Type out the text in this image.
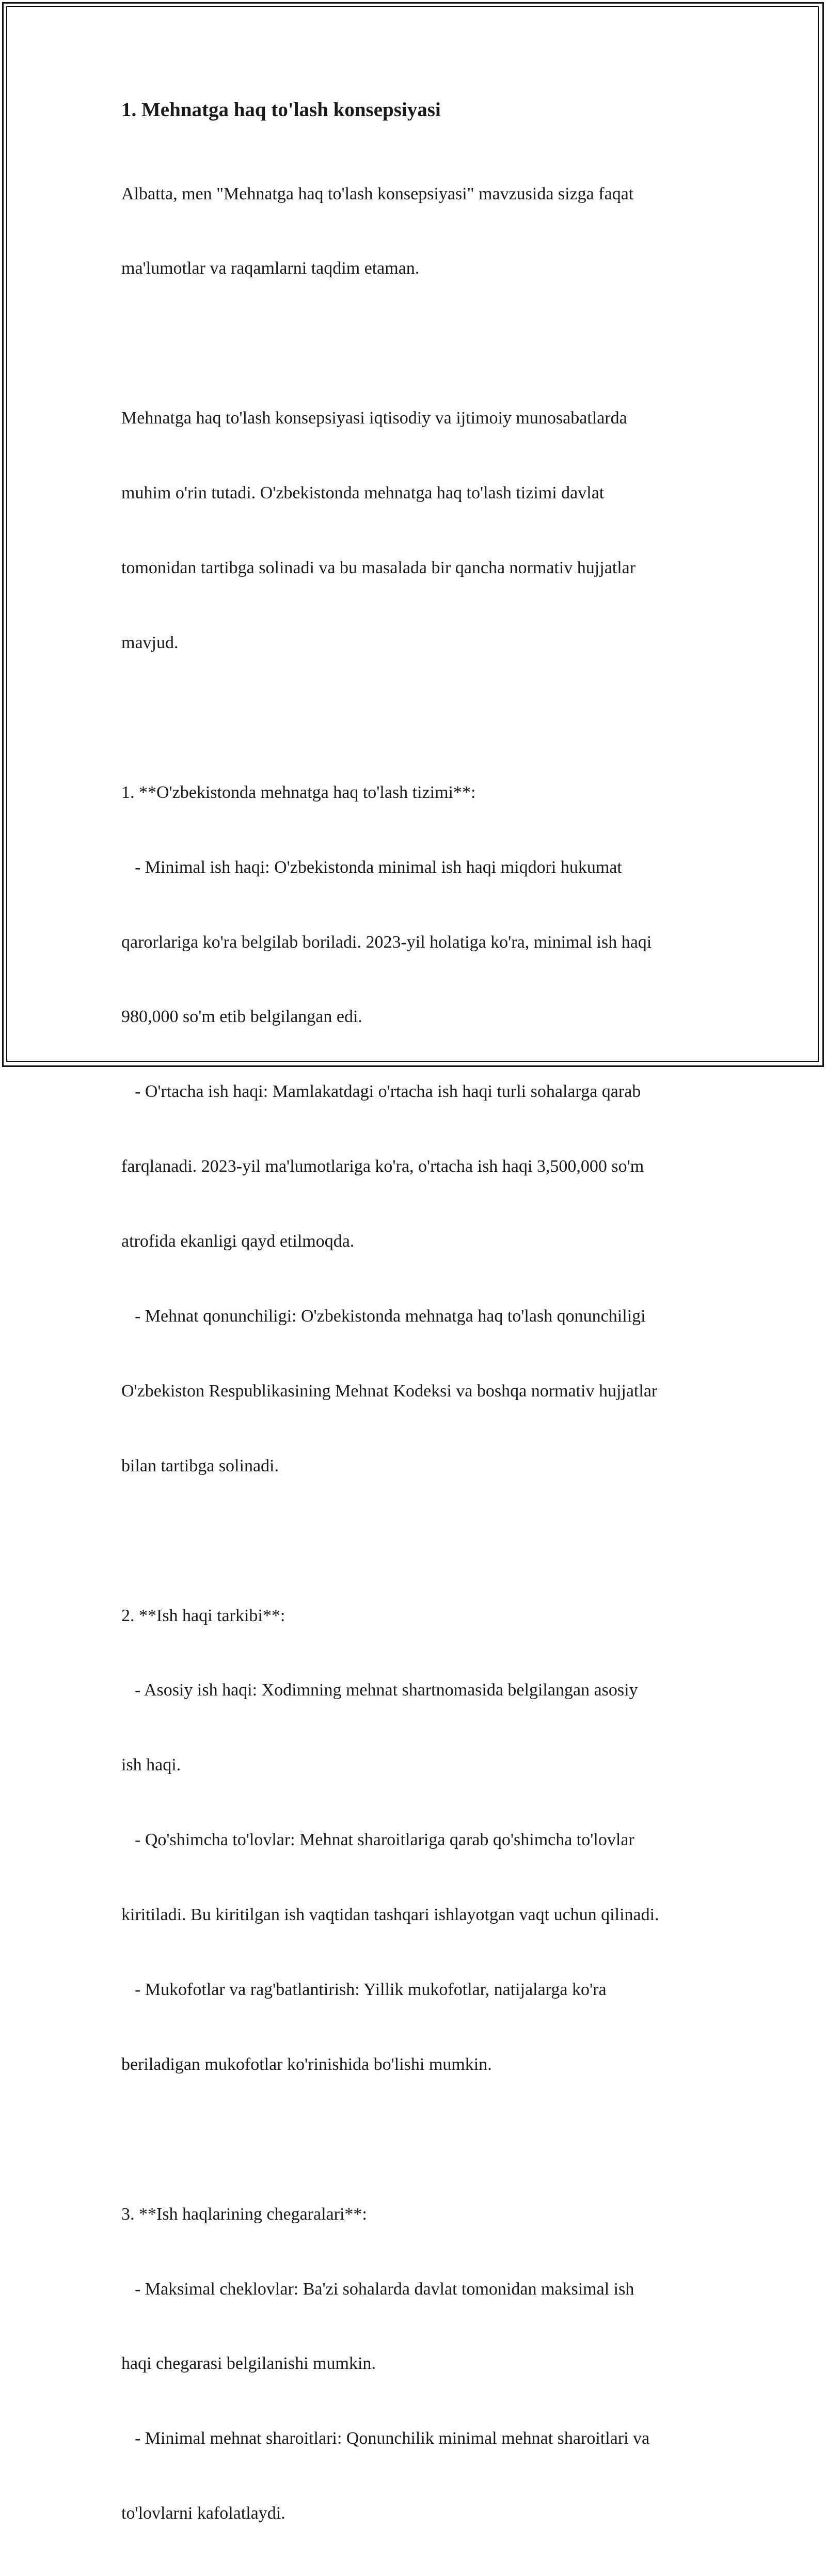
1. Mehnatga haq to'lash konsepsiyasi

Albatta, men "Mehnatga haq to'lash konsepsiyasi" mavzusida sizga faqat

ma'lumotlar va raqamlarni taqdim etaman.

Mehnatga haq to'lash konsepsiyasi iqtisodiy va ijtimoiy munosabatlarda

muhim o'rin tutadi. O'zbekistonda mehnatga haq to'lash tizimi davlat

tomonidan tartibga solinadi va bu masalada bir qancha normativ hujjatlar

mavjud.

1. **O'zbekistonda mehnatga haq to'lash tizimi**:

- Minimal ish haqi: O'zbekistonda minimal ish haqi miqdori hukumat

qarorlariga ko'ra belgilab boriladi. 2023-yil holatiga ko'ra, minimal ish haqi

980,000 so'm etib belgilangan edi.

- O'rtacha ish haqi: Mamlakatdagi o'rtacha ish haqi turli sohalarga qarab

farqlanadi. 2023-yil ma'lumotlariga ko'ra, o'rtacha ish haqi 3,500,000 so'm

atrofida ekanligi qayd etilmoqda.

- Mehnat qonunchiligi: O'zbekistonda mehnatga haq to'lash qonunchiligi

O'zbekiston Respublikasining Mehnat Kodeksi va boshqa normativ hujjatlar

bilan tartibga solinadi.

2. **Ish haqi tarkibi**:

- Asosiy ish haqi: Xodimning mehnat shartnomasida belgilangan asosiy

ish haqi.

- Qo'shimcha to'lovlar: Mehnat sharoitlariga qarab qo'shimcha to'lovlar

kiritiladi. Bu kiritilgan ish vaqtidan tashqari ishlayotgan vaqt uchun qilinadi.

- Mukofotlar va rag'batlantirish: Yillik mukofotlar, natijalarga ko'ra

beriladigan mukofotlar ko'rinishida bo'lishi mumkin.

3. **Ish haqlarining chegaralari**:

- Maksimal cheklovlar: Ba'zi sohalarda davlat tomonidan maksimal ish

haqi chegarasi belgilanishi mumkin.

- Minimal mehnat sharoitlari: Qonunchilik minimal mehnat sharoitlari va

to'lovlarni kafolatlaydi.
